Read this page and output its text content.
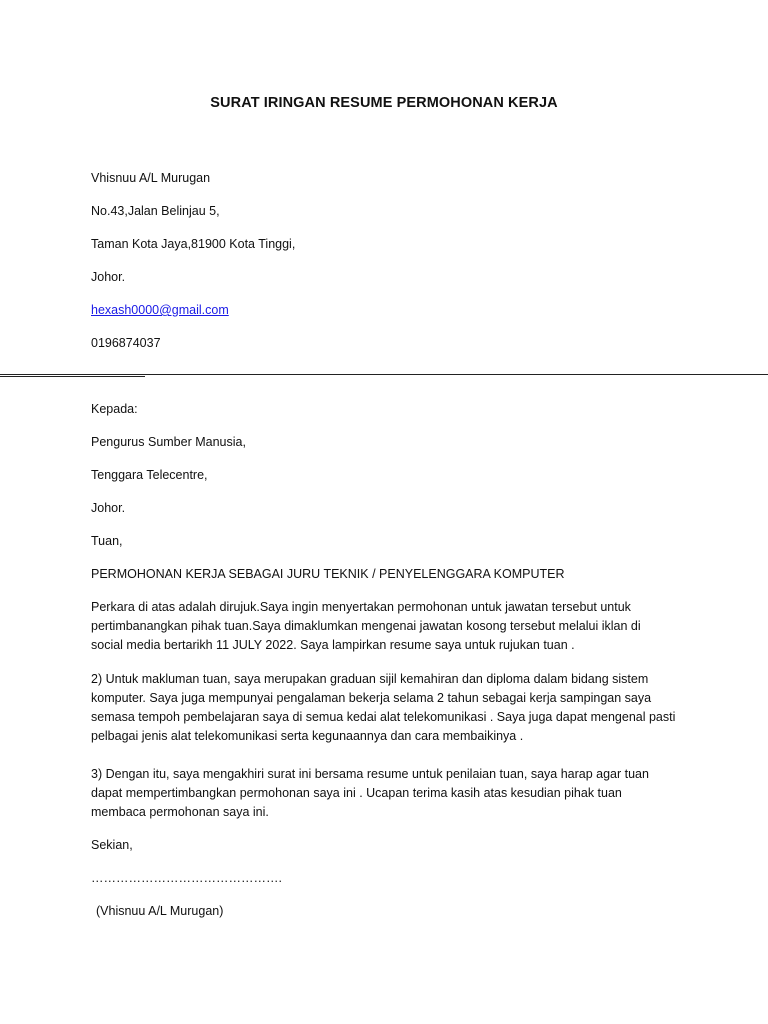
SURAT IRINGAN RESUME PERMOHONAN KERJA
Vhisnuu A/L Murugan
No.43,Jalan Belinjau 5,
Taman Kota Jaya,81900 Kota Tinggi,
Johor.
hexash0000@gmail.com
0196874037
Kepada:
Pengurus Sumber Manusia,
Tenggara Telecentre,
Johor.
Tuan,
PERMOHONAN KERJA SEBAGAI JURU TEKNIK / PENYELENGGARA KOMPUTER
Perkara di atas adalah dirujuk.Saya ingin menyertakan permohonan untuk jawatan tersebut untuk
pertimbanangkan pihak tuan.Saya dimaklumkan mengenai jawatan kosong tersebut melalui iklan di
social media bertarikh 11 JULY 2022. Saya lampirkan resume saya untuk rujukan tuan .
2) Untuk makluman tuan, saya merupakan graduan sijil kemahiran dan diploma dalam bidang sistem
komputer. Saya juga mempunyai pengalaman bekerja selama 2 tahun sebagai kerja sampingan saya
semasa tempoh pembelajaran saya di semua kedai alat telekomunikasi . Saya juga dapat mengenal pasti
pelbagai jenis alat telekomunikasi serta kegunaannya dan cara membaikinya .
3) Dengan itu, saya mengakhiri surat ini bersama resume untuk penilaian tuan, saya harap agar tuan
dapat mempertimbangkan permohonan saya ini . Ucapan terima kasih atas kesudian pihak tuan
membaca permohonan saya ini.
Sekian,
……………………………………….
(Vhisnuu A/L Murugan)
